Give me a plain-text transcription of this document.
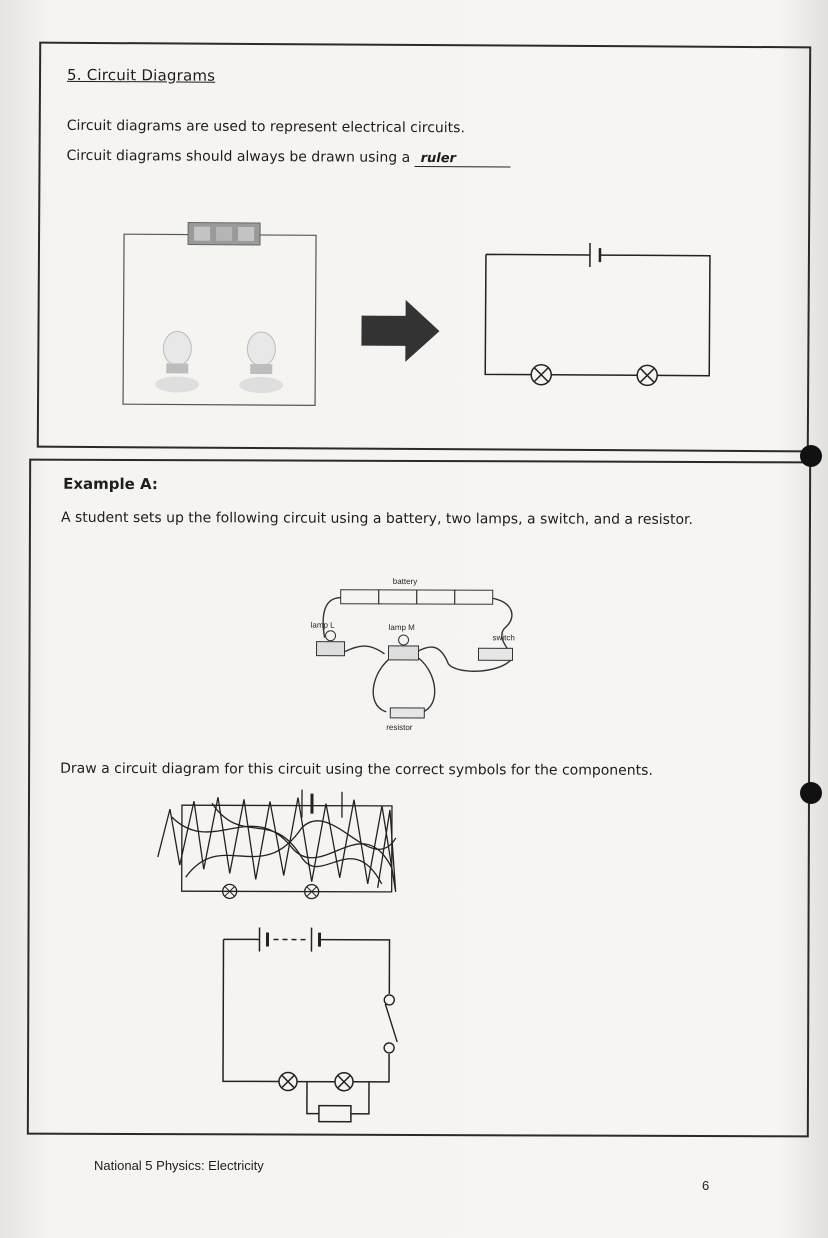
5. Circuit Diagrams
Circuit diagrams are used to represent electrical circuits.
Circuit diagrams should always be drawn using a ruler
Example A:
A student sets up the following circuit using a battery, two lamps, a switch, and a resistor.
battery
lamp L	lamp M
switch
resistor
Draw a circuit diagram for this circuit using the correct symbols for the components.
National 5 Physics: Electricity
6
